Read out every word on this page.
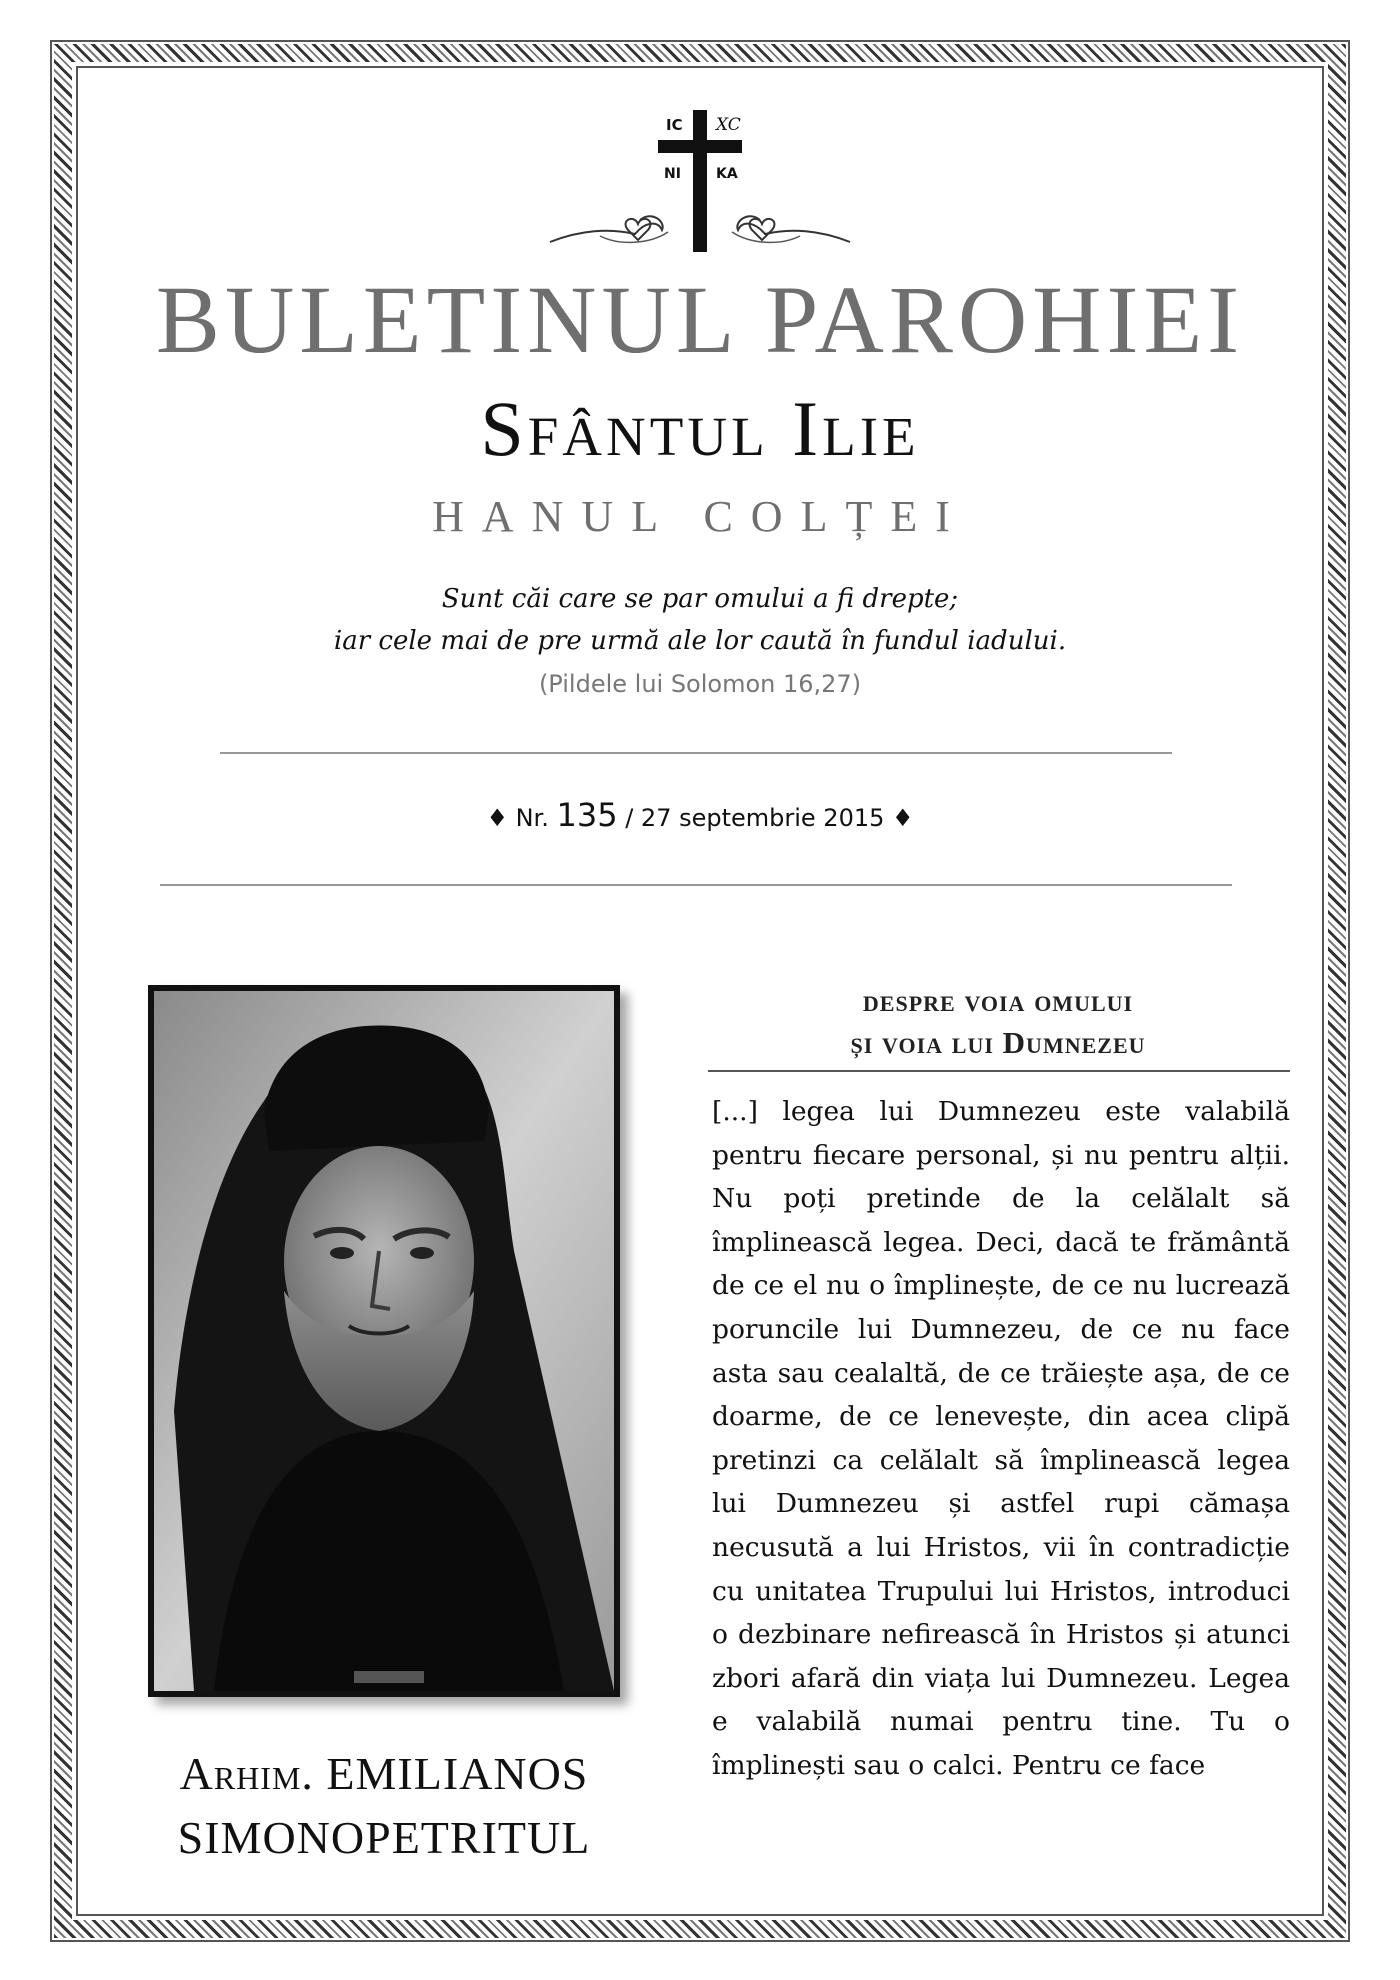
IC XC
NI	KA
BULETINUL PAROHIEI
Sfântul Ilie
HANUL COLȚEI
Sunt căi care se par omului a fi drepte;
iar cele mai de pre urmă ale lor caută în fundul iadului.
(Pildele lui Solomon 16,27)
♦ Nr. 135 / 27 septembrie 2015 ♦
Arhim. EMILIANOS
SIMONOPETRITUL
despre voia omului
și voia lui Dumnezeu

[...] legea lui Dumnezeu este valabilă pentru fiecare personal, și nu pentru alții. Nu poți pretinde de la celălalt să împlinească legea. Deci, dacă te frământă de ce el nu o împlinește, de ce nu lucrează poruncile lui Dumnezeu, de ce nu face asta sau cealaltă, de ce trăiește așa, de ce doarme, de ce lenevește, din acea clipă pretinzi ca celălalt să împlinească legea lui Dumnezeu și astfel rupi cămașa necusută a lui Hristos, vii în contradicție cu unitatea Trupului lui Hristos, introduci o dezbinare nefirească în Hristos și atunci zbori afară din viața lui Dumnezeu. Legea e valabilă numai pentru tine. Tu o împlinești sau o calci. Pentru ce face
